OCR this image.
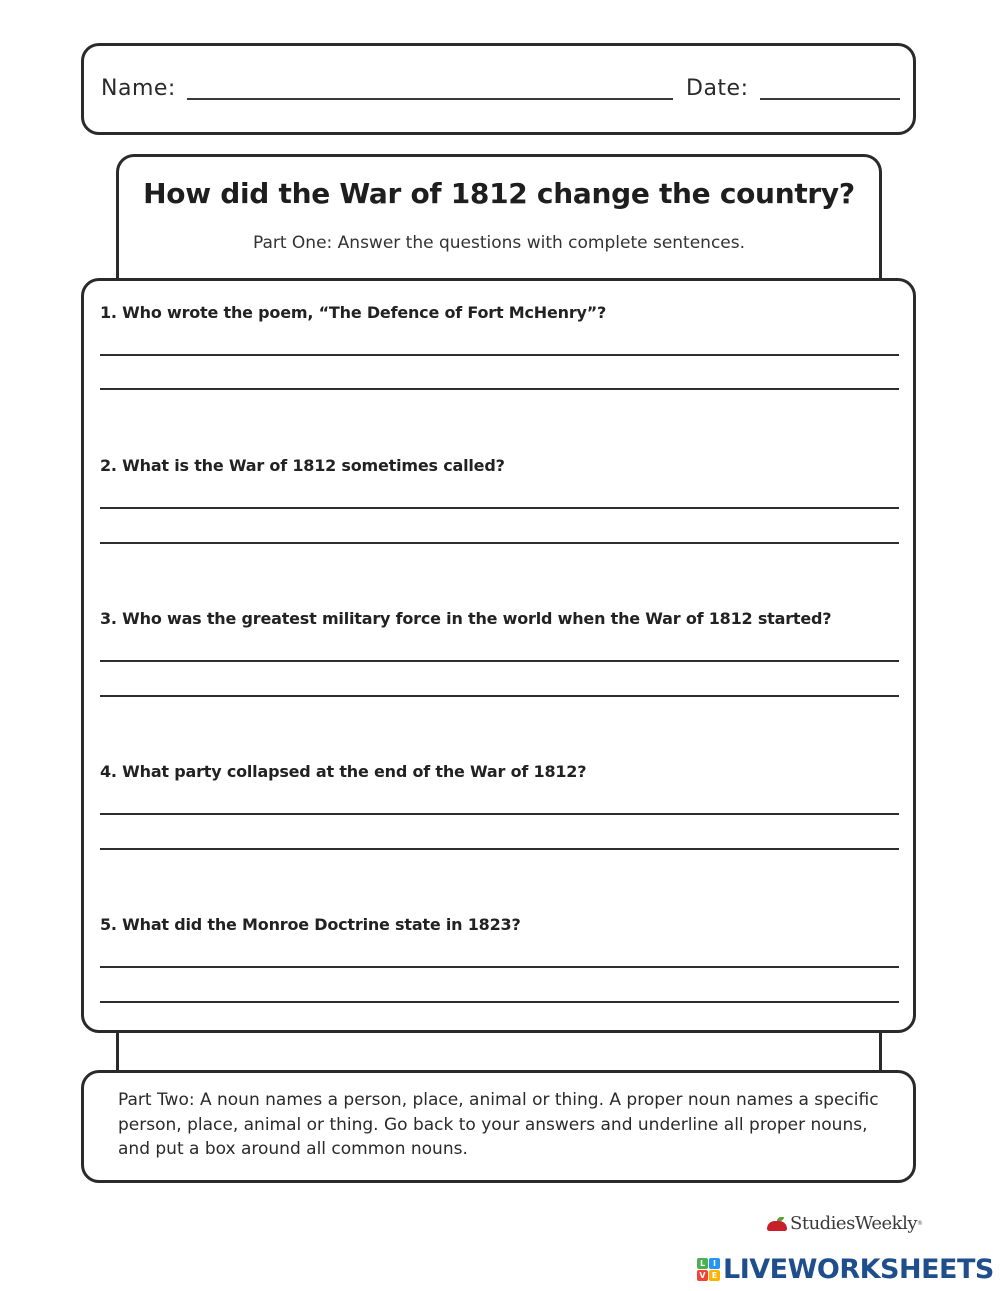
Name:	Date:
How did the War of 1812 change the country?
Part One: Answer the questions with complete sentences.
1. Who wrote the poem, “The Defence of Fort McHenry”?
2. What is the War of 1812 sometimes called?
3. Who was the greatest military force in the world when the War of 1812 started?
4. What party collapsed at the end of the War of 1812?
5. What did the Monroe Doctrine state in 1823?
Part Two: A noun names a person, place, animal or thing. A proper noun names a specific person, place, animal or thing. Go back to your answers and underline all proper nouns, and put a box around all common nouns.
StudiesWeekly ®
L I
V E LIVEWORKSHEETS
